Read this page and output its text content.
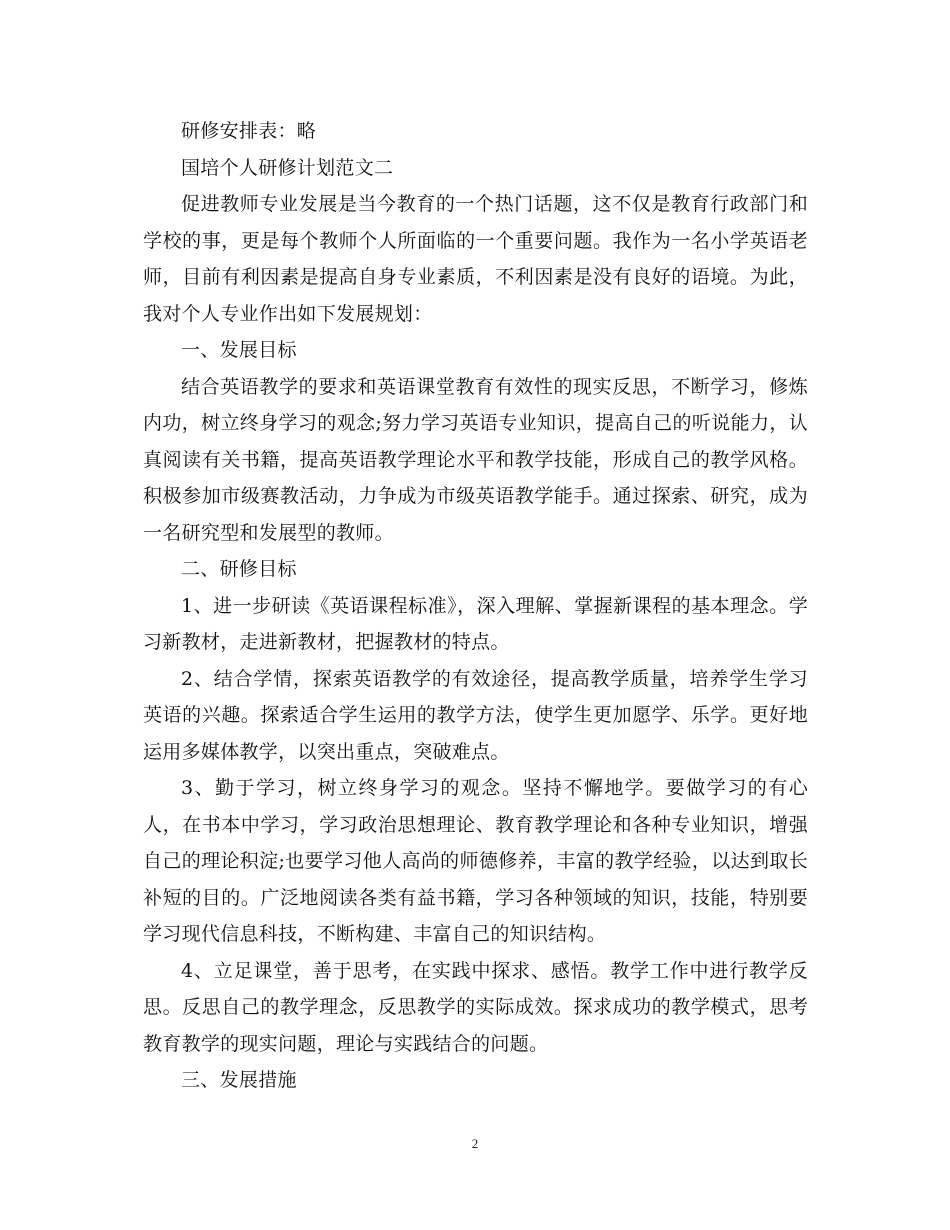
研修安排表：略

国培个人研修计划范文二

促进教师专业发展是当今教育的一个热门话题，这不仅是教育行政部门和学校的事，更是每个教师个人所面临的一个重要问题。我作为一名小学英语老师，目前有利因素是提高自身专业素质，不利因素是没有良好的语境。为此，我对个人专业作出如下发展规划：

一、发展目标

结合英语教学的要求和英语课堂教育有效性的现实反思，不断学习，修炼内功，树立终身学习的观念;努力学习英语专业知识，提高自己的听说能力，认真阅读有关书籍，提高英语教学理论水平和教学技能，形成自己的教学风格。积极参加市级赛教活动，力争成为市级英语教学能手。通过探索、研究，成为一名研究型和发展型的教师。

二、研修目标

1、进一步研读《英语课程标准》，深入理解、掌握新课程的基本理念。学习新教材，走进新教材，把握教材的特点。

2、结合学情，探索英语教学的有效途径，提高教学质量，培养学生学习英语的兴趣。探索适合学生运用的教学方法，使学生更加愿学、乐学。更好地运用多媒体教学，以突出重点，突破难点。

3、勤于学习，树立终身学习的观念。坚持不懈地学。要做学习的有心人，在书本中学习，学习政治思想理论、教育教学理论和各种专业知识，增强自己的理论积淀;也要学习他人高尚的师德修养，丰富的教学经验，以达到取长补短的目的。广泛地阅读各类有益书籍，学习各种领域的知识，技能，特别要学习现代信息科技，不断构建、丰富自己的知识结构。

4、立足课堂，善于思考，在实践中探求、感悟。教学工作中进行教学反思。反思自己的教学理念，反思教学的实际成效。探求成功的教学模式，思考教育教学的现实问题，理论与实践结合的问题。

三、发展措施

2
